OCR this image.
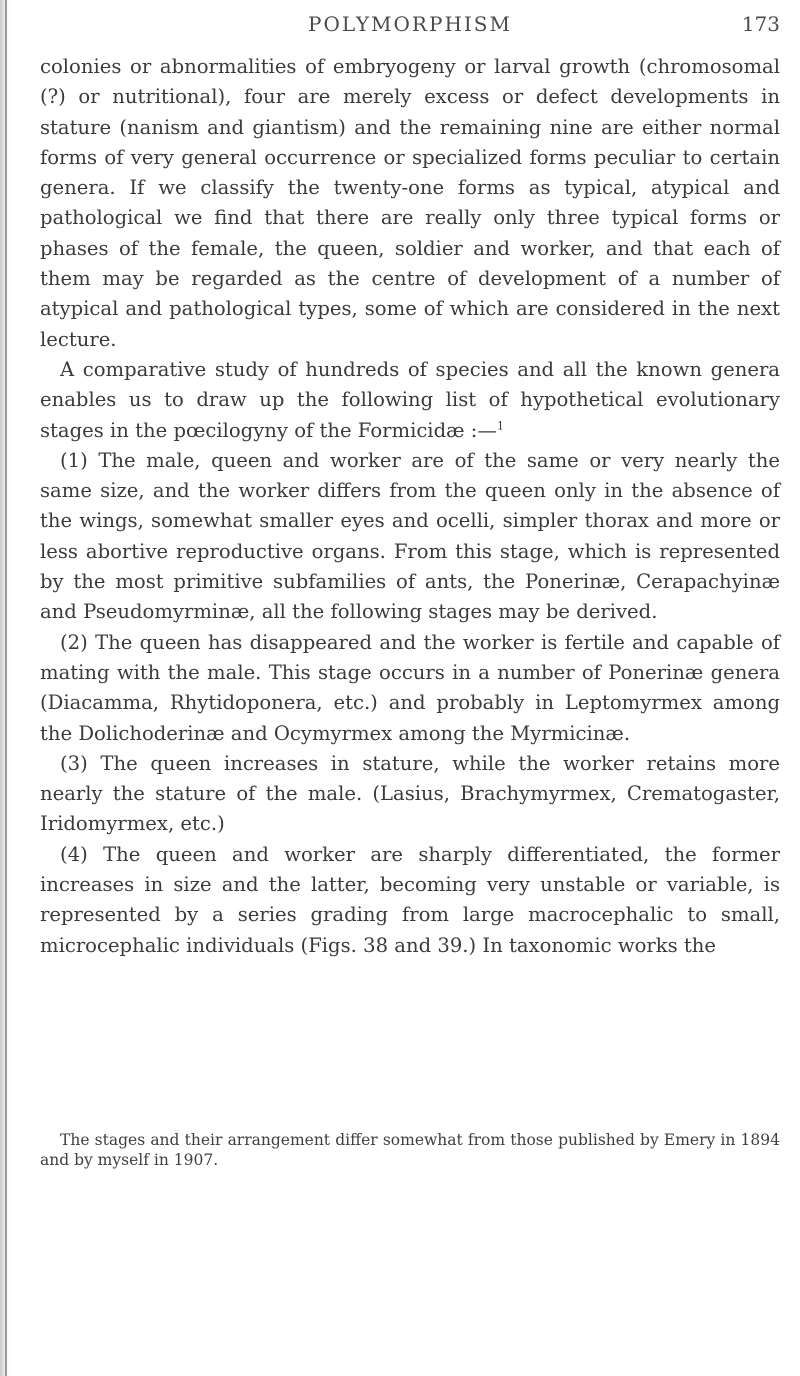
POLYMORPHISM	173

colonies or abnormalities of embryogeny or larval growth (chromosomal (?) or nutritional), four are merely excess or defect developments in stature (nanism and giantism) and the remaining nine are either normal forms of very general occurrence or specialized forms peculiar to certain genera. If we classify the twenty-one forms as typical, atypical and pathological we find that there are really only three typical forms or phases of the female, the queen, soldier and worker, and that each of them may be regarded as the centre of development of a number of atypical and pathological types, some of which are considered in the next lecture.

A comparative study of hundreds of species and all the known genera enables us to draw up the following list of hypothetical evolutionary stages in the pœcilogyny of the Formicidæ :—$^1$

(1) The male, queen and worker are of the same or very nearly the same size, and the worker differs from the queen only in the absence of the wings, somewhat smaller eyes and ocelli, simpler thorax and more or less abortive reproductive organs. From this stage, which is represented by the most primitive subfamilies of ants, the Ponerinæ, Cerapachyinæ and Pseudomyrminæ, all the following stages may be derived.

(2) The queen has disappeared and the worker is fertile and capable of mating with the male. This stage occurs in a number of Ponerinæ genera (Diacamma, Rhytidoponera, etc.) and probably in Leptomyrmex among the Dolichoderinæ and Ocymyrmex among the Myrmicinæ.

(3) The queen increases in stature, while the worker retains more nearly the stature of the male. (Lasius, Brachymyrmex, Crematogaster, Iridomyrmex, etc.)

(4) The queen and worker are sharply differentiated, the former increases in size and the latter, becoming very unstable or variable, is represented by a series grading from large macrocephalic to small, microcephalic individuals (Figs. 38 and 39.) In taxonomic works the

The stages and their arrangement differ somewhat from those published by Emery in 1894 and by myself in 1907.
